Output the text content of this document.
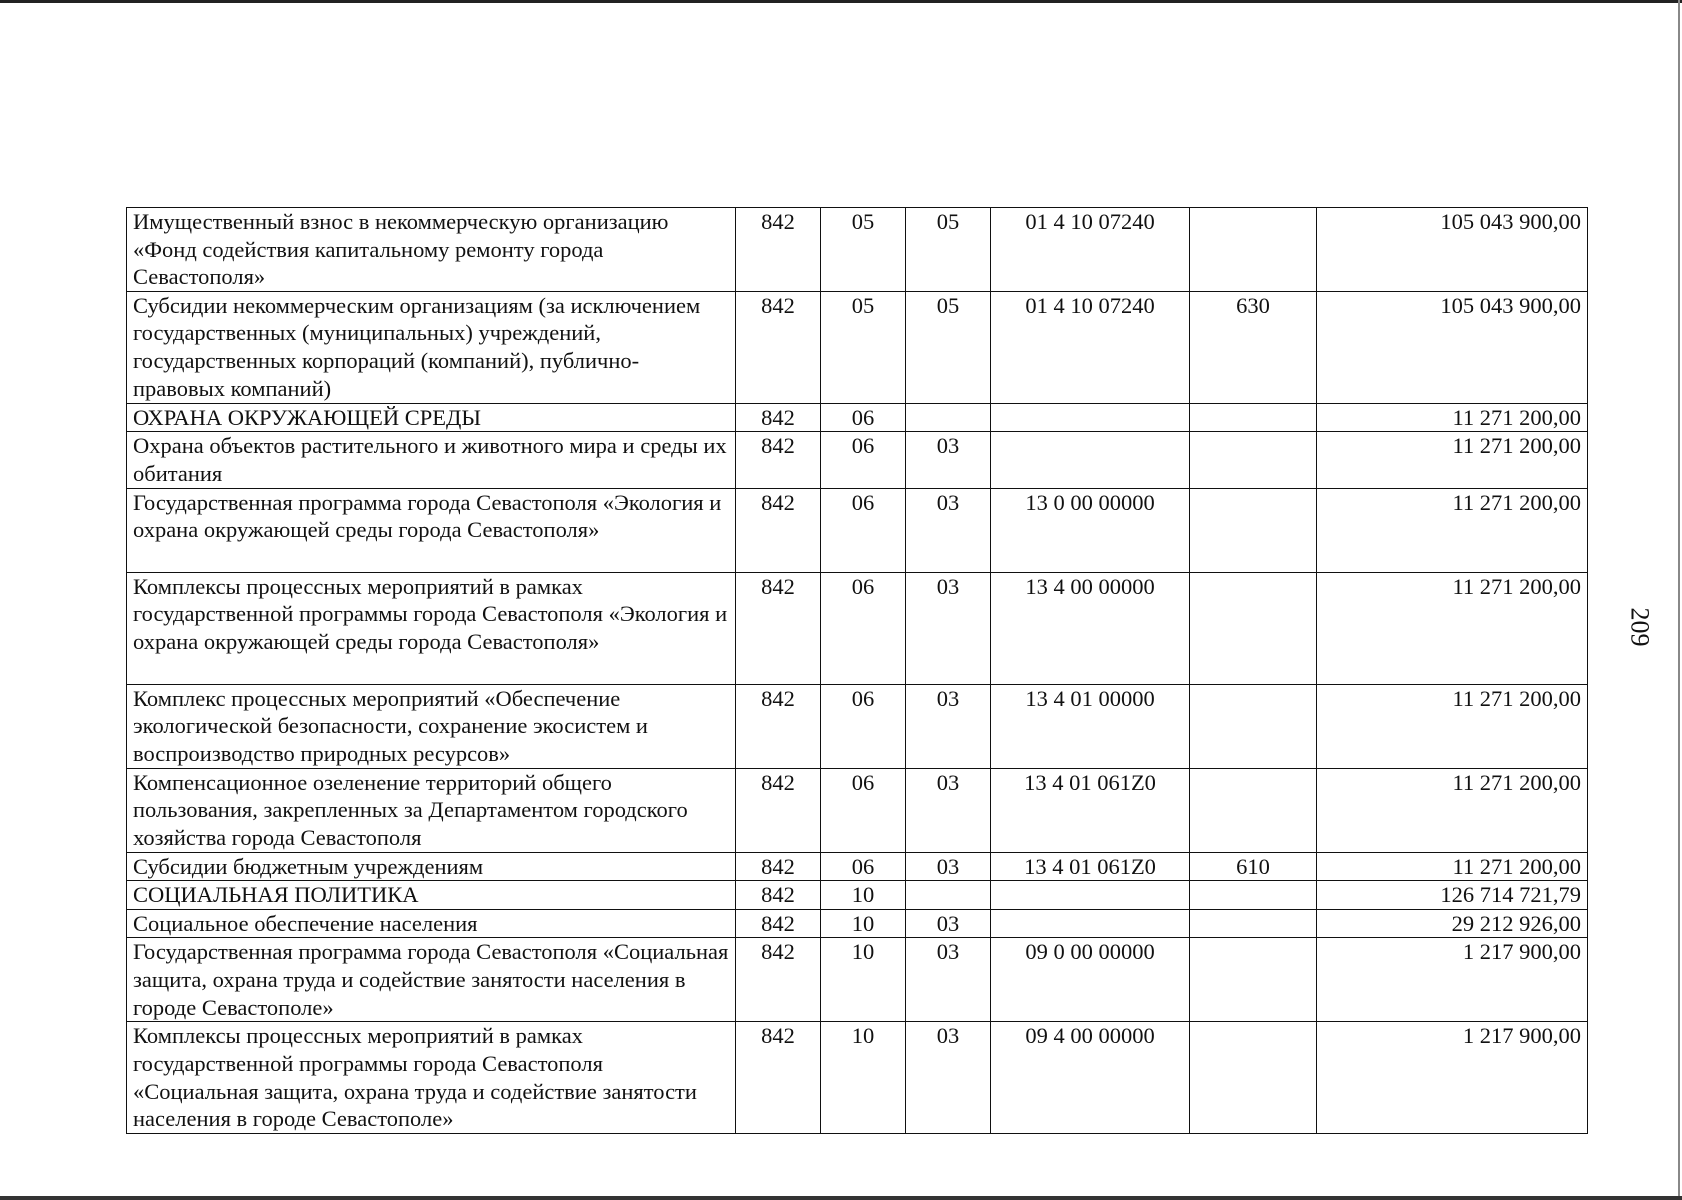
209
Имущественный взнос в некоммерческую организацию «Фонд содействия капитальному ремонту города Севастополя»	842	05	05	01 4 10 07240		105 043 900,00
Субсидии некоммерческим организациям (за исключением государственных (муниципальных) учреждений, государственных корпораций (компаний), публично-правовых компаний)	842	05	05	01 4 10 07240	630	105 043 900,00
ОХРАНА ОКРУЖАЮЩЕЙ СРЕДЫ	842	06				11 271 200,00
Охрана объектов растительного и животного мира и среды их обитания	842	06	03			11 271 200,00
Государственная программа города Севастополя «Экология и охрана окружающей среды города Севастополя»	842	06	03	13 0 00 00000		11 271 200,00
Комплексы процессных мероприятий в рамках государственной программы города Севастополя «Экология и охрана окружающей среды города Севастополя»	842	06	03	13 4 00 00000		11 271 200,00
Комплекс процессных мероприятий «Обеспечение экологической безопасности, сохранение экосистем и воспроизводство природных ресурсов»	842	06	03	13 4 01 00000		11 271 200,00
Компенсационное озеленение территорий общего пользования, закрепленных за Департаментом городского хозяйства города Севастополя	842	06	03	13 4 01 061Z0		11 271 200,00
Субсидии бюджетным учреждениям	842	06	03	13 4 01 061Z0	610	11 271 200,00
СОЦИАЛЬНАЯ ПОЛИТИКА	842	10				126 714 721,79
Социальное обеспечение населения	842	10	03			29 212 926,00
Государственная программа города Севастополя «Социальная защита, охрана труда и содействие занятости населения в городе Севастополе»	842	10	03	09 0 00 00000		1 217 900,00
Комплексы процессных мероприятий в рамках государственной программы города Севастополя «Социальная защита, охрана труда и содействие занятости населения в городе Севастополе»	842	10	03	09 4 00 00000		1 217 900,00
